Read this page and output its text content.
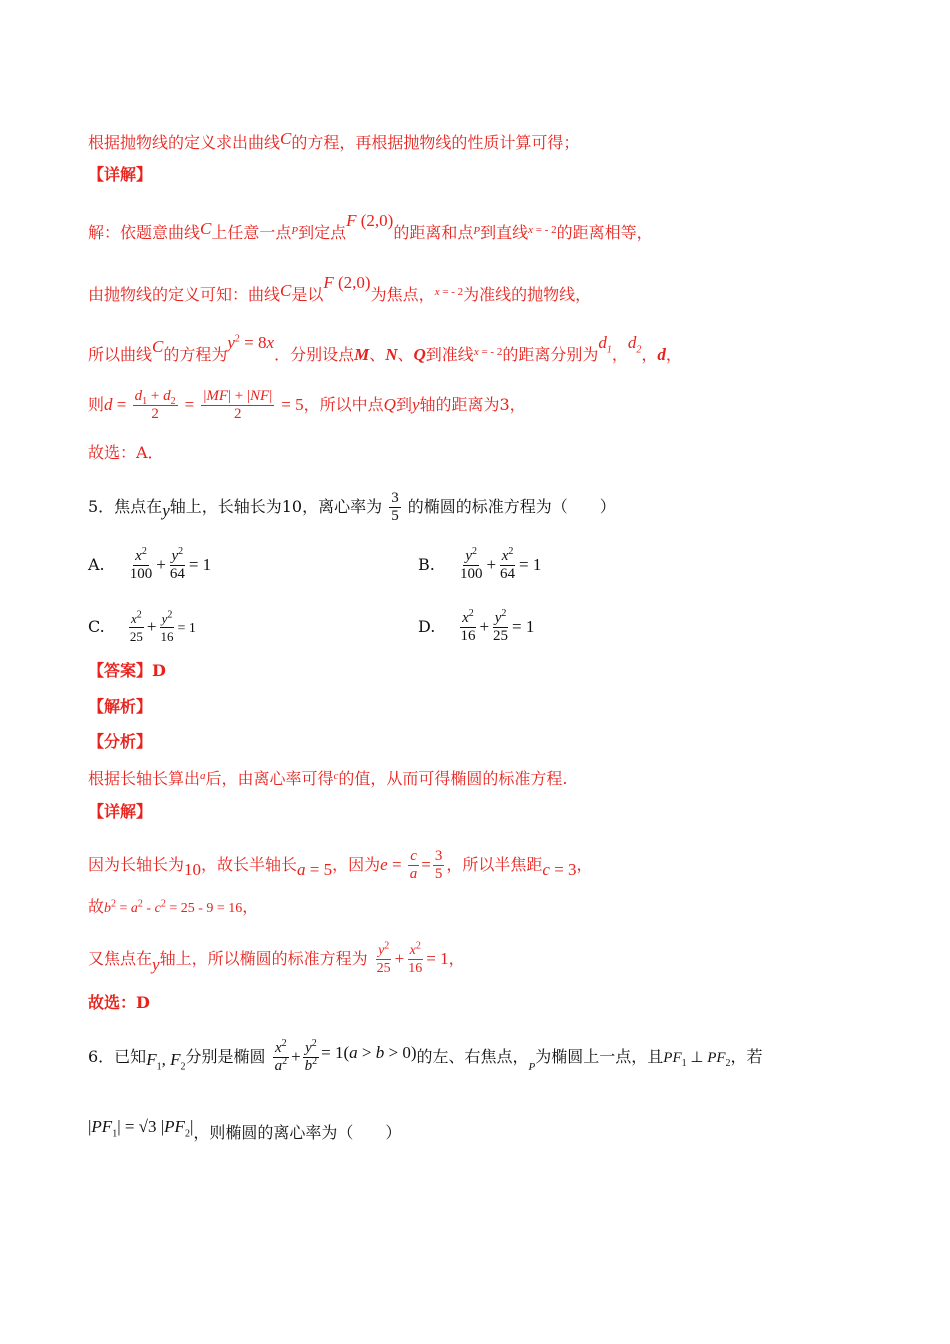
根据抛物线的定义求出曲线C的方程，再根据抛物线的性质计算可得；
【详解】
解：依题意曲线C上任意一点$^P$到定点F (2,0)的距离和点$^P$到直线$^{x = - 2}$的距离相等，
由抛物线的定义可知：曲线C是以F (2,0)为焦点，$^{x = - 2}$为准线的抛物线，
所以曲线C的方程为$y^2 = 8x$．分别设点M、N、Q到准线$^{x = - 2}$的距离分别为$d_1$，$d_2$，d，
则$d = \frac{d_1 + d_2}{2} = \frac{|MF| + |NF|}{2} = 5$，所以中点Q到y轴的距离为3，
故选：A．
5．焦点在y轴上，长轴长为10，离心率为 $\frac{3}{5}$ 的椭圆的标准方程为（　　）
A.　 $\frac{x^2}{100} + \frac{y^2}{64} = 1$	B.　 $\frac{y^2}{100} + \frac{x^2}{64} = 1$
C.　 $\frac{x^2}{25} + \frac{y^2}{16} = 1$	D.　 $\frac{x^2}{16} + \frac{y^2}{25} = 1$
【答案】D
【解析】
【分析】
根据长轴长算出$^a$后，由离心率可得$^c$的值，从而可得椭圆的标准方程.
【详解】
因为长轴长为10，故长半轴长a = 5，因为$e = \frac{c}{a} = \frac{3}{5}$ ，所以半焦距c = 3，
故$b^2 = a^2 - c^2 = 25 - 9 = 16$，
又焦点在y轴上，所以椭圆的标准方程为 $\frac{y^2}{25} + \frac{x^2}{16} = 1$，
故选：D
6．已知$F_1$, $F_2$分别是椭圆 $\frac{x^2}{a^2} + \frac{y^2}{b^2} = 1(a > b > 0)$的左、右焦点，$_P$为椭圆上一点，且$PF_1$ ⊥ $PF_2$，若
$|PF_1| = √3$ $|PF_2|$，则椭圆的离心率为（　　）
